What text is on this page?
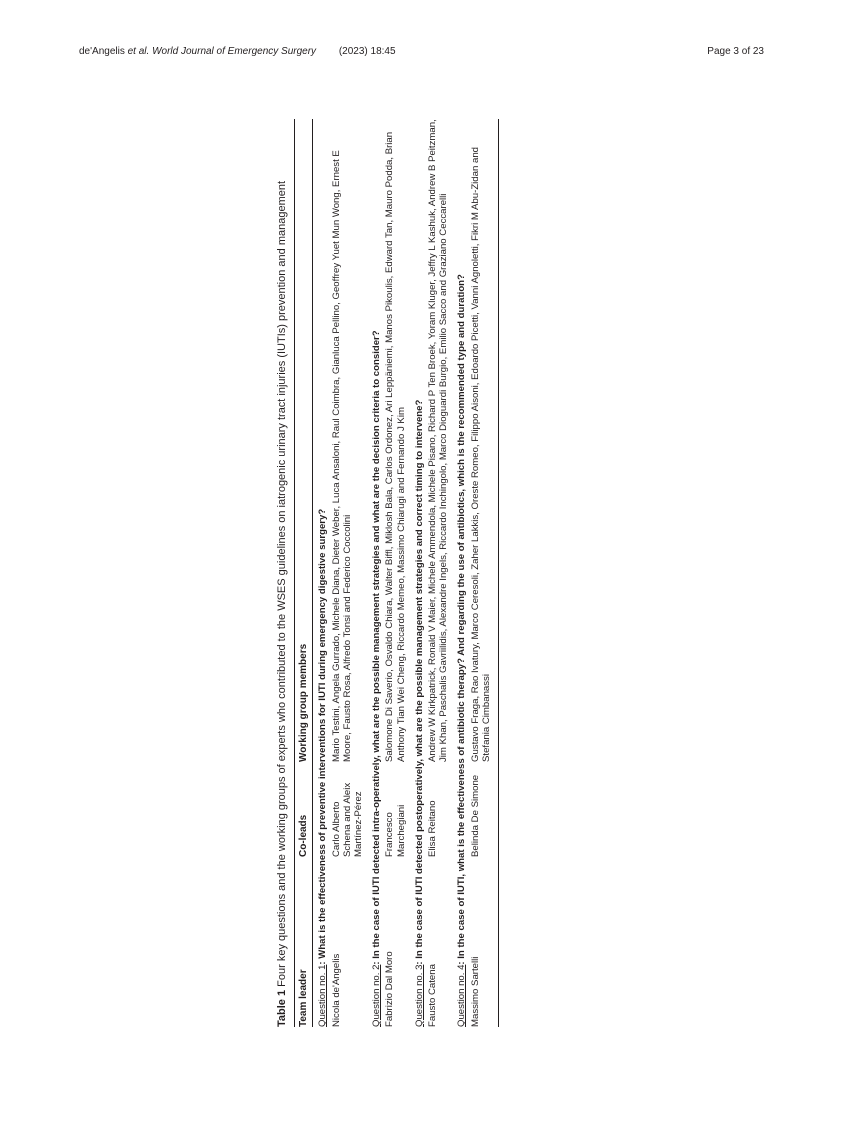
de'Angelis et al. World Journal of Emergency Surgery (2023) 18:45	Page 3 of 23
Table 1 Four key questions and the working groups of experts who contributed to the WSES guidelines on iatrogenic urinary tract injuries (IUTIs) prevention and management
Team leader	Co-leads	Working group members
Question no. 1: What is the effectiveness of preventive interventions for IUTI during emergency digestive surgery?		
Nicola de'Angelis	Carlo Alberto Schena and Aleix Martínez-Pérez	Mario Testini, Angela Gurrado, Michele Diana, Dieter Weber, Luca Ansaloni, Raul Coimbra, Gianluca Pellino, Geoffrey Yuet Mun Wong, Ernest E Moore, Fausto Rosa, Alfredo Tonsi and Federico Coccolini
Question no. 2: In the case of IUTI detected intra-operatively, what are the possible management strategies and what are the decision criteria to consider?		
Fabrizio Dal Moro	Francesco Marchegiani	Salomone Di Saverio, Osvaldo Chiara, Walter Biffl, Miklosh Bala, Carlos Ordonez, Ari Leppäniemi, Manos Pikoulis, Edward Tan, Mauro Podda, Brian Anthony Tian Wei Cheng, Riccardo Memeo, Massimo Chiarugi and Fernando J Kim
Question no. 3: In the case of IUTI detected postoperatively, what are the possible management strategies and correct timing to intervene?		
Fausto Catena	Elisa Reitano	Andrew W Kirkpatrick, Ronald V Maier, Michele Ammendola, Michele Pisano, Richard P Ten Broek, Yoram Kluger, Jeffry L Kashuk, Andrew B Peitzman, Jim Khan, Paschalis Gavriilidis, Alexandre Ingels, Riccardo Inchingolo, Marco Dioguardi Burgio, Emilio Sacco and Graziano Ceccarelli
Question no. 4: In the case of IUTI, what is the effectiveness of antibiotic therapy? And regarding the use of antibiotics, which is the recommended type and duration?		
Massimo Sartelli	Belinda De Simone	Gustavo Fraga, Rao Ivatury, Marco Ceresoli, Zaher Lakkis, Oreste Romeo, Filippo Aisoni, Edoardo Picetti, Vanni Agnoletti, Fikri M Abu-Zidan and Stefania Cimbanassi
